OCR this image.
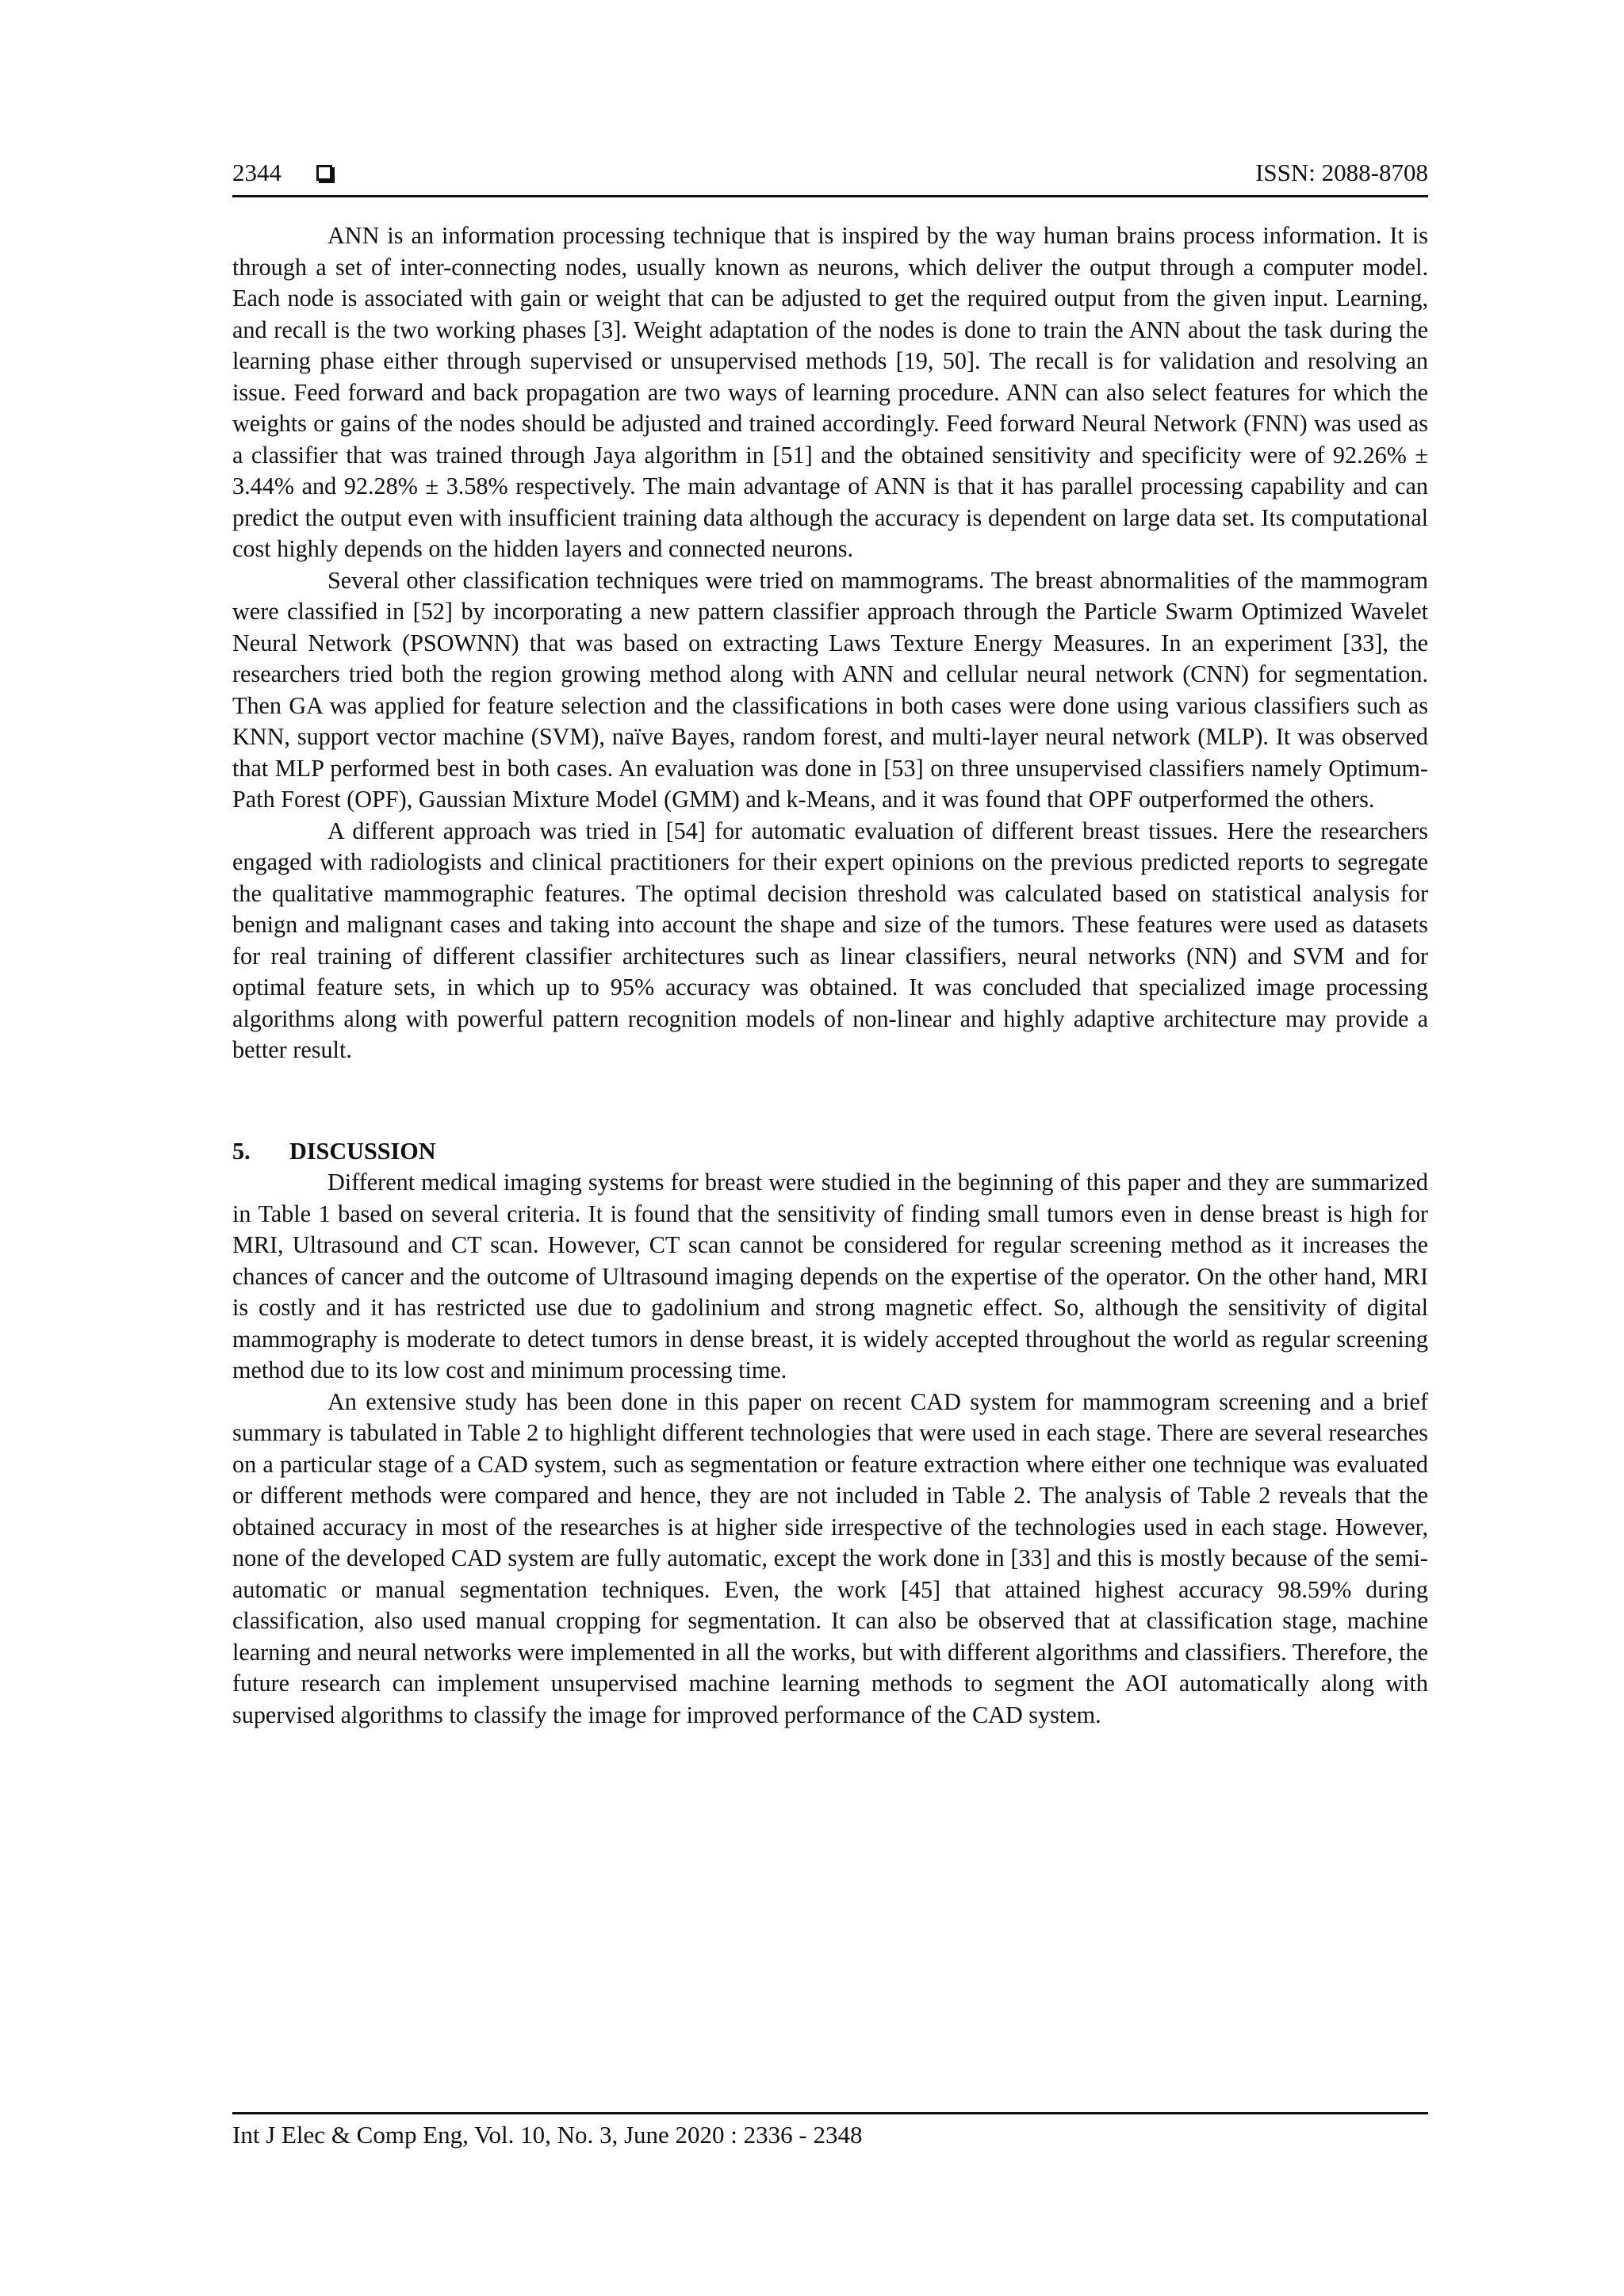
2344	ISSN: 2088-8708

ANN is an information processing technique that is inspired by the way human brains process information. It is through a set of inter-connecting nodes, usually known as neurons, which deliver the output through a computer model. Each node is associated with gain or weight that can be adjusted to get the required output from the given input. Learning, and recall is the two working phases [3]. Weight adaptation of the nodes is done to train the ANN about the task during the learning phase either through supervised or unsupervised methods [19, 50]. The recall is for validation and resolving an issue. Feed forward and back propagation are two ways of learning procedure. ANN can also select features for which the weights or gains of the nodes should be adjusted and trained accordingly. Feed forward Neural Network (FNN) was used as a classifier that was trained through Jaya algorithm in [51] and the obtained sensitivity and specificity were of 92.26% ± 3.44% and 92.28% ± 3.58% respectively. The main advantage of ANN is that it has parallel processing capability and can predict the output even with insufficient training data although the accuracy is dependent on large data set. Its computational cost highly depends on the hidden layers and connected neurons.

Several other classification techniques were tried on mammograms. The breast abnormalities of the mammogram were classified in [52] by incorporating a new pattern classifier approach through the Particle Swarm Optimized Wavelet Neural Network (PSOWNN) that was based on extracting Laws Texture Energy Measures. In an experiment [33], the researchers tried both the region growing method along with ANN and cellular neural network (CNN) for segmentation. Then GA was applied for feature selection and the classifications in both cases were done using various classifiers such as KNN, support vector machine (SVM), naïve Bayes, random forest, and multi-layer neural network (MLP). It was observed that MLP performed best in both cases. An evaluation was done in [53] on three unsupervised classifiers namely Optimum-Path Forest (OPF), Gaussian Mixture Model (GMM) and k-Means, and it was found that OPF outperformed the others.

A different approach was tried in [54] for automatic evaluation of different breast tissues. Here the researchers engaged with radiologists and clinical practitioners for their expert opinions on the previous predicted reports to segregate the qualitative mammographic features. The optimal decision threshold was calculated based on statistical analysis for benign and malignant cases and taking into account the shape and size of the tumors. These features were used as datasets for real training of different classifier architectures such as linear classifiers, neural networks (NN) and SVM and for optimal feature sets, in which up to 95% accuracy was obtained. It was concluded that specialized image processing algorithms along with powerful pattern recognition models of non-linear and highly adaptive architecture may provide a better result.

5.	DISCUSSION

Different medical imaging systems for breast were studied in the beginning of this paper and they are summarized in Table 1 based on several criteria. It is found that the sensitivity of finding small tumors even in dense breast is high for MRI, Ultrasound and CT scan. However, CT scan cannot be considered for regular screening method as it increases the chances of cancer and the outcome of Ultrasound imaging depends on the expertise of the operator. On the other hand, MRI is costly and it has restricted use due to gadolinium and strong magnetic effect. So, although the sensitivity of digital mammography is moderate to detect tumors in dense breast, it is widely accepted throughout the world as regular screening method due to its low cost and minimum processing time.

An extensive study has been done in this paper on recent CAD system for mammogram screening and a brief summary is tabulated in Table 2 to highlight different technologies that were used in each stage. There are several researches on a particular stage of a CAD system, such as segmentation or feature extraction where either one technique was evaluated or different methods were compared and hence, they are not included in Table 2. The analysis of Table 2 reveals that the obtained accuracy in most of the researches is at higher side irrespective of the technologies used in each stage. However, none of the developed CAD system are fully automatic, except the work done in [33] and this is mostly because of the semi-automatic or manual segmentation techniques. Even, the work [45] that attained highest accuracy 98.59% during classification, also used manual cropping for segmentation. It can also be observed that at classification stage, machine learning and neural networks were implemented in all the works, but with different algorithms and classifiers. Therefore, the future research can implement unsupervised machine learning methods to segment the AOI automatically along with supervised algorithms to classify the image for improved performance of the CAD system.

Int J Elec & Comp Eng, Vol. 10, No. 3, June 2020 : 2336 - 2348
